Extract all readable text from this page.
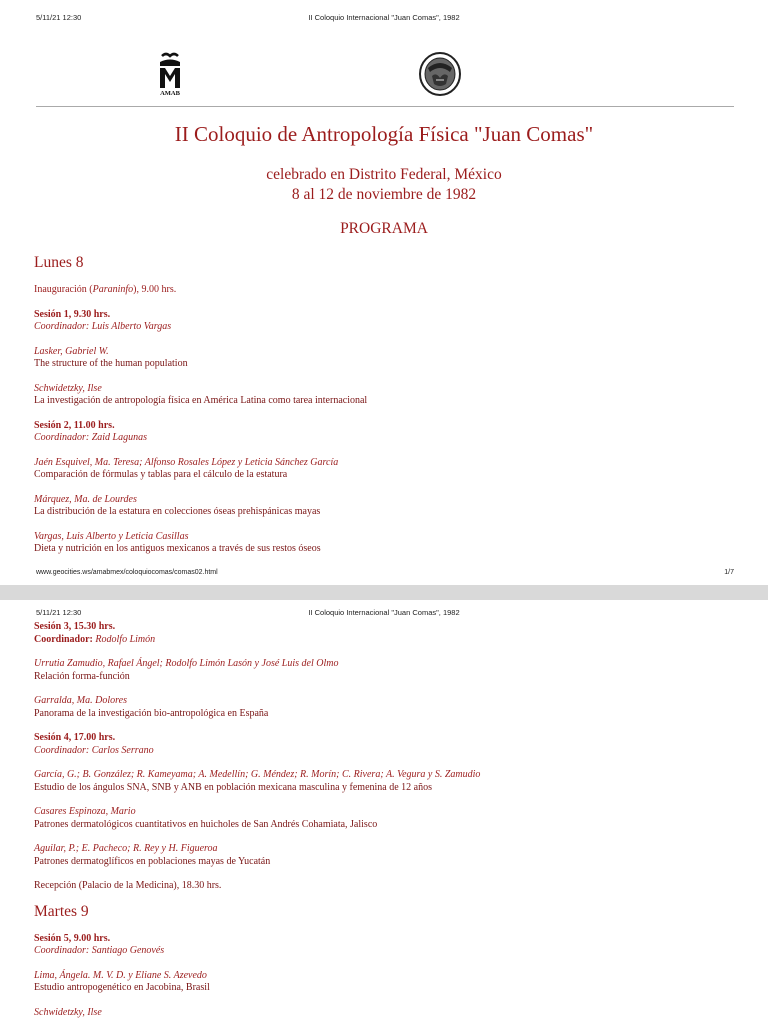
5/11/21 12:30	II Coloquio Internacional "Juan Comas", 1982
AMAB
II Coloquio de Antropología Física "Juan Comas"
celebrado en Distrito Federal, México
8 al 12 de noviembre de 1982
PROGRAMA
Lunes 8
Inauguración (Paraninfo), 9.00 hrs.
Sesión 1, 9.30 hrs.
Coordinador: Luis Alberto Vargas
Lasker, Gabriel W.
The structure of the human population
Schwidetzky, Ilse
La investigación de antropología física en América Latina como tarea internacional
Sesión 2, 11.00 hrs.
Coordinador: Zaid Lagunas
Jaén Esquivel, Ma. Teresa; Alfonso Rosales López y Leticia Sánchez García
Comparación de fórmulas y tablas para el cálculo de la estatura
Márquez, Ma. de Lourdes
La distribución de la estatura en colecciones óseas prehispánicas mayas
Vargas, Luis Alberto y Leticia Casillas
Dieta y nutrición en los antiguos mexicanos a través de sus restos óseos
www.geocities.ws/amabmex/coloquiocomas/comas02.html	1/7
5/11/21 12:30	II Coloquio Internacional "Juan Comas", 1982
Sesión 3, 15.30 hrs.
Coordinador: Rodolfo Limón
Urrutia Zamudio, Rafael Ángel; Rodolfo Limón Lasón y José Luis del Olmo
Relación forma-función
Garralda, Ma. Dolores
Panorama de la investigación bio-antropológica en España
Sesión 4, 17.00 hrs.
Coordinador: Carlos Serrano
García, G.; B. González; R. Kameyama; A. Medellín; G. Méndez; R. Morín; C. Rivera; A. Vegura y S. Zamudio
Estudio de los ángulos SNA, SNB y ANB en población mexicana masculina y femenina de 12 años
Casares Espinoza, Mario
Patrones dermatológicos cuantitativos en huicholes de San Andrés Cohamiata, Jalisco
Aguilar, P.; E. Pacheco; R. Rey y H. Figueroa
Patrones dermatoglíficos en poblaciones mayas de Yucatán
Recepción (Palacio de la Medicina), 18.30 hrs.
Martes 9
Sesión 5, 9.00 hrs.
Coordinador: Santiago Genovés
Lima, Ángela. M. V. D. y Eliane S. Azevedo
Estudio antropogenético en Jacobina, Brasil
Schwidetzky, Ilse
